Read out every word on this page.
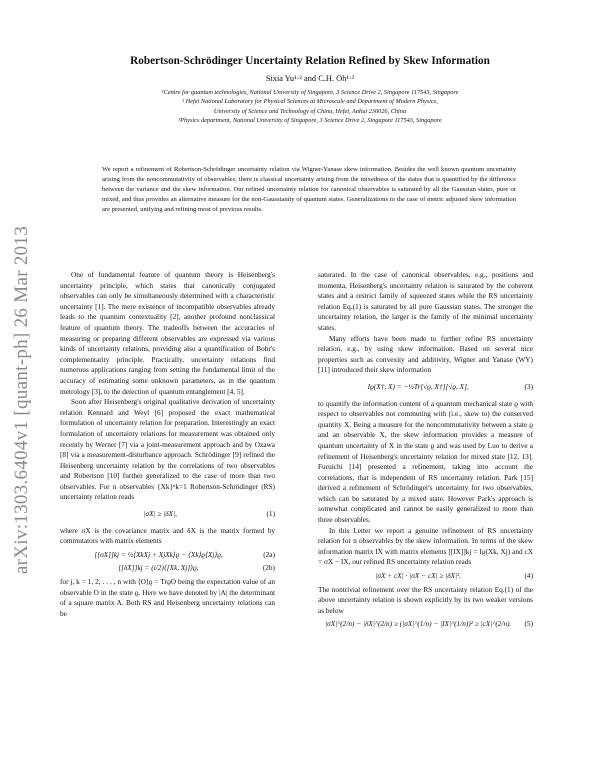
arXiv:1303.6404v1 [quant-ph] 26 Mar 2013
Robertson-Schrödinger Uncertainty Relation Refined by Skew Information
Sixia Yu¹·² and C.H. Oh¹·³
¹Centre for quantum technologies, National University of Singapore, 3 Science Drive 2, Singapore 117543, Singapore
² Hefei National Laboratory for Physical Sciences at Microscale and Department of Modern Physics,
University of Science and Technology of China, Hefei, Anhui 230026, China
³Physics department, National University of Singapore, 3 Science Drive 2, Singapore 117543, Singapore
We report a refinement of Robertson-Schrödinger uncertainty relation via Wigner-Yanase skew information. Besides the well known quantum uncertainty arising from the noncommutativity of observables, there is classical uncertainty arising from the mixedness of the states that is quantified by the difference between the variance and the skew information. Our refined uncertainty relation for canonical observables is saturated by all the Gaussian states, pure or mixed, and thus provides an alternative measure for the non-Gaussianity of quantum states. Generalizations to the case of metric adjusted skew information are presented, unifying and refining most of previous results.

One of fundamental feature of quantum theory is Heisenberg's uncertainty principle, which states that canonically conjugated observables can only be simultaneously determined with a characteristic uncertainty [1]. The mere existence of incompatible observables already leads to the quantum contextuality [2], another profound nonclassical feature of quantum theory. The tradeoffs between the accuracies of measuring or preparing different observables are expressed via various kinds of uncertainty relations, providing also a quantification of Bohr's complementarity principle. Practically, uncertainty relations find numerous applications ranging from setting the fundamental limit of the accuracy of estimating some unknown parameters, as in the quantum metrology [3], to the detection of quantum entanglement [4, 5].

Soon after Heisenberg's original qualitative derivation of uncertainty relation Kennard and Weyl [6] proposed the exact mathematical formulation of uncertainty relation for preparation. Interestingly an exact formulation of uncertainty relations for measurement was obtained only recently by Werner [7] via a joint-measurement approach and by Ozawa [8] via a measurement-disturbance approach. Schrödinger [9] refined the Heisenberg uncertainty relation by the correlations of two observables and Robertson [10] further generalized to the case of more than two observables. For n observables {Xk}ⁿk=1 Robertson-Schrödinger (RS) uncertainty relation reads

|σX| ≥ |δX|,	(1)

where σX is the covariance matrix and δX is the matrix formed by commutators with matrix elements

[[σX]]kj = ½⟨XkXj + XjXk⟩ϱ − ⟨Xk⟩ϱ⟨Xj⟩ϱ,	(2a)
[[δX]]kj = (i/2)⟨[Xk, Xj]⟩ϱ,	(2b)

for j, k = 1, 2, . . . , n with ⟨O⟩ϱ = TrϱO being the expectation value of an observable O in the state ϱ. Here we have denoted by |A| the determinant of a square matrix A. Both RS and Heisenberg uncertainty relations can be

saturated. In the case of canonical observables, e.g., positions and momenta, Heisenberg's uncertainty relation is saturated by the coherent states and a restrict family of squeezed states while the RS uncertainty relation Eq.(1) is saturated by all pure Gaussian states. The stronger the uncertainty relation, the larger is the family of the minimal uncertainty states.

Many efforts have been made to further refine RS uncertainty relation, e.g., by using skew information. Based on several nice properties such as convexity and additivity, Wigner and Yanase (WY) [11] introduced their skew information

Iϱ(X†, X) = −½Tr[√ϱ, X†][√ϱ, X],	(3)

to quantify the information content of a quantum mechanical state ϱ with respect to observables not commuting with (i.e., skew to) the conserved quantity X. Being a measure for the noncommutativity between a state ϱ and an observable X, the skew information provides a measure of quantum uncertainty of X in the state ϱ and was used by Luo to derive a refinement of Heisenberg's uncertainty relation for mixed state [12, 13]. Furuichi [14] presented a refinement, taking into account the correlations, that is independent of RS uncertainty relation. Park [15] derived a refinement of Schrödinger's uncertainty for two observables, which can be saturated by a mixed state. However Park's approach is somewhat complicated and cannot be easily generalized to more than three observables.

In this Letter we report a genuine refinement of RS uncertainty relation for n observables by the skew information. In terms of the skew information matrix IX with matrix elements [[IX]]kj = Iϱ(Xk, Xj) and cX = σX − IX, our refined RS uncertainty relation reads

|σX + cX| · |σX − cX| ≥ |δX|².	(4)

The nontrivial refinement over the RS uncertainty relation Eq.(1) of the above uncertainty relation is shown explicitly by its two weaker versions as below

|σX|^(2/n) − |δX|^(2/n) ≥ (|σX|^(1/n) − |IX|^(1/n))² ≥ |cX|^(2/n).	(5)
